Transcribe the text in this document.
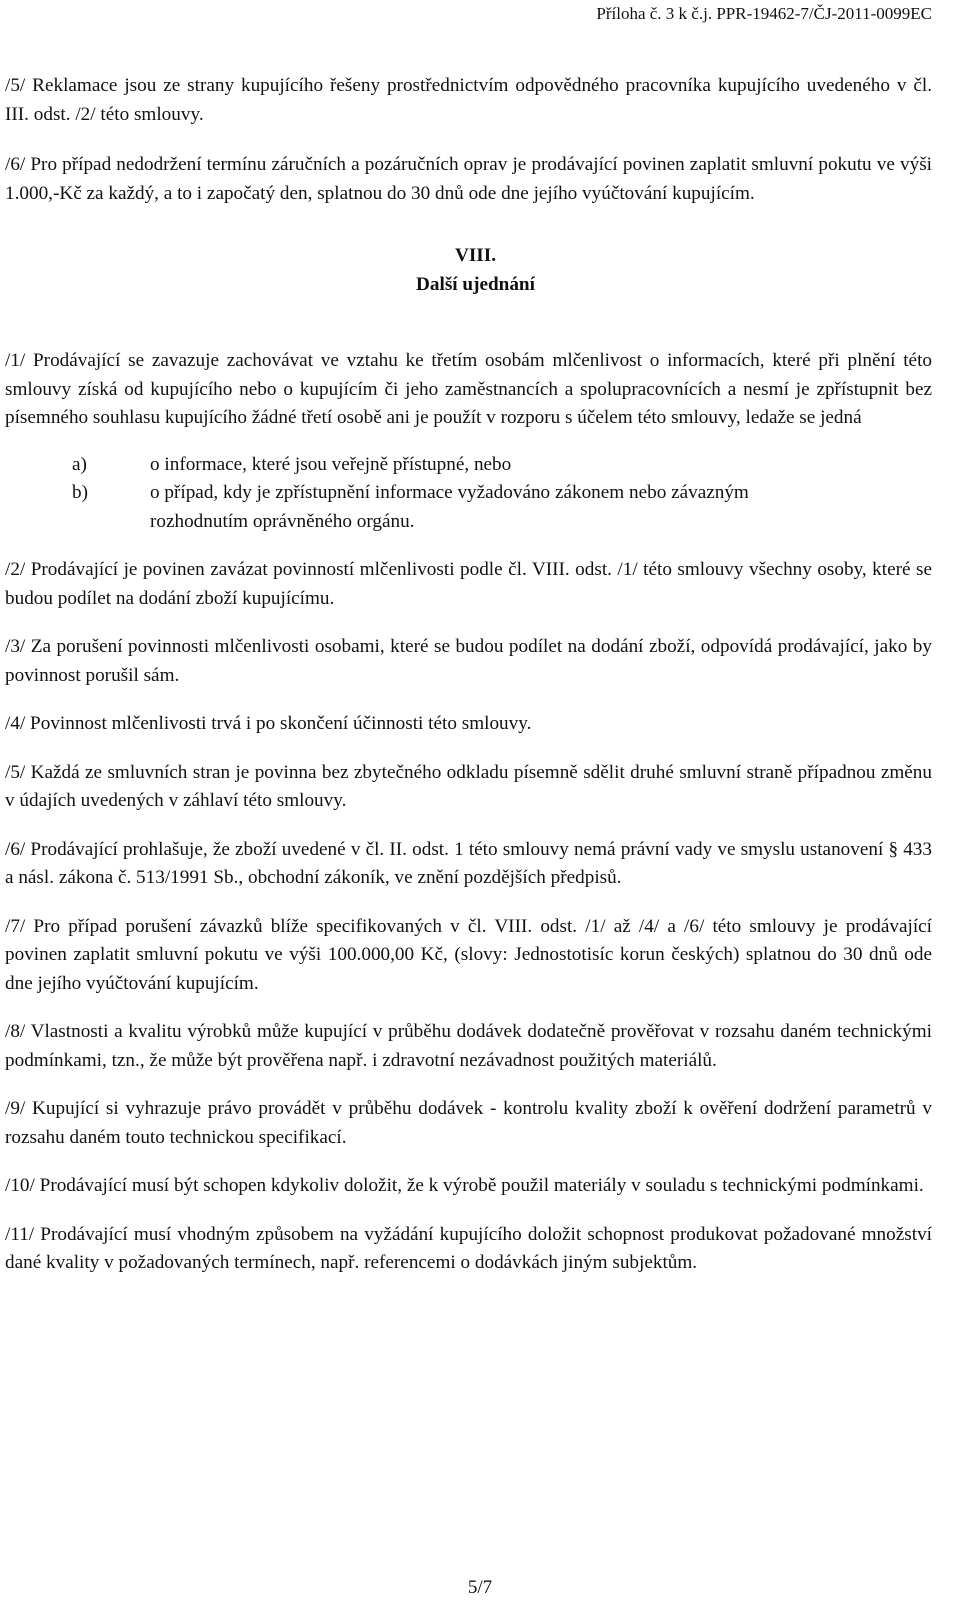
Příloha č. 3 k č.j. PPR-19462-7/ČJ-2011-0099EC

/5/ Reklamace jsou ze strany kupujícího řešeny prostřednictvím odpovědného pracovníka kupujícího uvedeného v čl. III. odst. /2/ této smlouvy.

/6/ Pro případ nedodržení termínu záručních a pozáručních oprav je prodávající povinen zaplatit smluvní pokutu ve výši 1.000,-Kč za každý, a to i započatý den, splatnou do 30 dnů ode dne jejího vyúčtování kupujícím.

VIII.

Další ujednání

/1/ Prodávající se zavazuje zachovávat ve vztahu ke třetím osobám mlčenlivost o informacích, které při plnění této smlouvy získá od kupujícího nebo o kupujícím či jeho zaměstnancích a spolupracovnících a nesmí je zpřístupnit bez písemného souhlasu kupujícího žádné třetí osobě ani je použít v rozporu s účelem této smlouvy, ledaže se jedná

a)	o informace, které jsou veřejně přístupné, nebo
b)	o případ, kdy je zpřístupnění informace vyžadováno zákonem nebo závazným
rozhodnutím oprávněného orgánu.

/2/ Prodávající je povinen zavázat povinností mlčenlivosti podle čl. VIII. odst. /1/ této smlouvy všechny osoby, které se budou podílet na dodání zboží kupujícímu.

/3/ Za porušení povinnosti mlčenlivosti osobami, které se budou podílet na dodání zboží, odpovídá prodávající, jako by povinnost porušil sám.

/4/ Povinnost mlčenlivosti trvá i po skončení účinnosti této smlouvy.

/5/ Každá ze smluvních stran je povinna bez zbytečného odkladu písemně sdělit druhé smluvní straně případnou změnu v údajích uvedených v záhlaví této smlouvy.

/6/ Prodávající prohlašuje, že zboží uvedené v čl. II. odst. 1 této smlouvy nemá právní vady ve smyslu ustanovení § 433 a násl. zákona č. 513/1991 Sb., obchodní zákoník, ve znění pozdějších předpisů.

/7/ Pro případ porušení závazků blíže specifikovaných v čl. VIII. odst. /1/ až /4/ a /6/ této smlouvy je prodávající povinen zaplatit smluvní pokutu ve výši 100.000,00 Kč, (slovy: Jednostotisíc korun českých) splatnou do 30 dnů ode dne jejího vyúčtování kupujícím.

/8/ Vlastnosti a kvalitu výrobků může kupující v průběhu dodávek dodatečně prověřovat v rozsahu daném technickými podmínkami, tzn., že může být prověřena např. i zdravotní nezávadnost použitých materiálů.

/9/ Kupující si vyhrazuje právo provádět v průběhu dodávek - kontrolu kvality zboží k ověření dodržení parametrů v rozsahu daném touto technickou specifikací.

/10/ Prodávající musí být schopen kdykoliv doložit, že k výrobě použil materiály v souladu s technickými podmínkami.

/11/ Prodávající musí vhodným způsobem na vyžádání kupujícího doložit schopnost produkovat požadované množství dané kvality v požadovaných termínech, např. referencemi o dodávkách jiným subjektům.

5/7
